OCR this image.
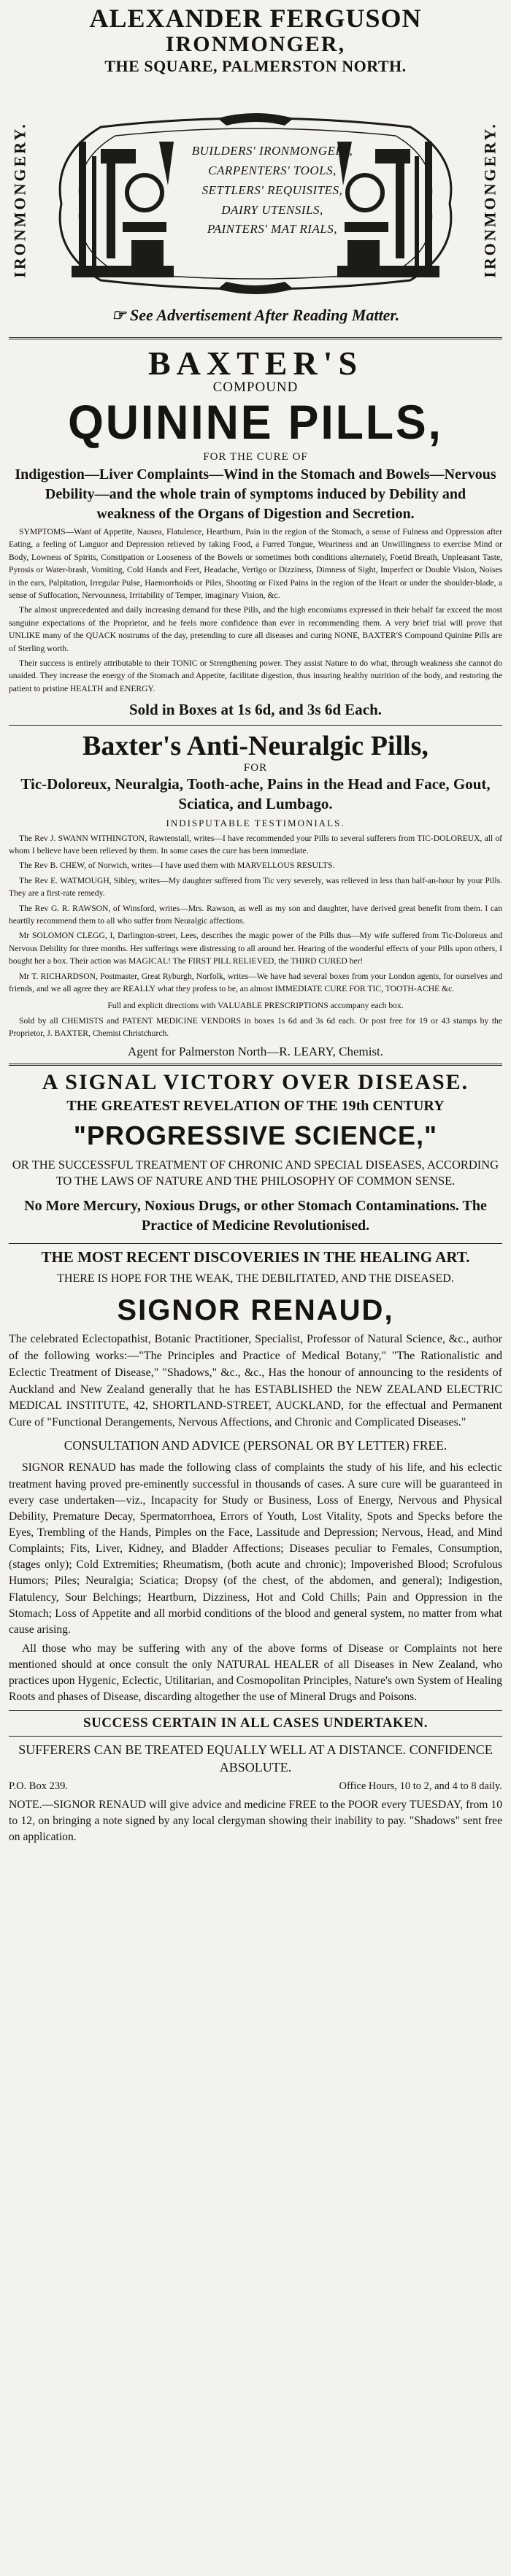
ALEXANDER FERGUSON
IRONMONGER,
THE SQUARE, PALMERSTON NORTH.
IRONMONGERY.	IRONMONGERY.
BUILDERS' IRONMONGERY,
CARPENTERS' TOOLS,
SETTLERS' REQUISITES,
DAIRY UTENSILS,
PAINTERS' MAT RIALS,
☞ See Advertisement After Reading Matter.
BAXTER'S
COMPOUND
QUININE PILLS,
FOR THE CURE OF
Indigestion—Liver Complaints—Wind in the Stomach and Bowels—Nervous Debility—and the whole train of symptoms induced by Debility and weakness of the Organs of Digestion and Secretion.

SYMPTOMS—Want of Appetite, Nausea, Flatulence, Heartburn, Pain in the region of the Stomach, a sense of Fulness and Oppression after Eating, a feeling of Languor and Depression relieved by taking Food, a Furred Tongue, Weariness and an Unwillingness to exercise Mind or Body, Lowness of Spirits, Constipation or Looseness of the Bowels or sometimes both conditions alternately, Foetid Breath, Unpleasant Taste, Pyrosis or Water-brash, Vomiting, Cold Hands and Feet, Headache, Vertigo or Dizziness, Dimness of Sight, Imperfect or Double Vision, Noises in the ears, Palpitation, Irregular Pulse, Haemorrhoids or Piles, Shooting or Fixed Pains in the region of the Heart or under the shoulder-blade, a sense of Suffocation, Nervousness, Irritability of Temper, imaginary Vision, &c.

The almost unprecedented and daily increasing demand for these Pills, and the high encomiums expressed in their behalf far exceed the most sanguine expectations of the Proprietor, and he feels more confidence than ever in recommending them. A very brief trial will prove that UNLIKE many of the QUACK nostrums of the day, pretending to cure all diseases and curing NONE, BAXTER'S Compound Quinine Pills are of Sterling worth.

Their success is entirely attributable to their TONIC or Strengthening power. They assist Nature to do what, through weakness she cannot do unaided. They increase the energy of the Stomach and Appetite, facilitate digestion, thus insuring healthy nutrition of the body, and restoring the patient to pristine HEALTH and ENERGY.

Sold in Boxes at 1s 6d, and 3s 6d Each.
Baxter's Anti-Neuralgic Pills,
FOR
Tic-Doloreux, Neuralgia, Tooth-ache, Pains in the Head and Face, Gout, Sciatica, and Lumbago.
INDISPUTABLE TESTIMONIALS.

The Rev J. SWANN WITHINGTON, Rawtenstall, writes—I have recommended your Pills to several sufferers from TIC-DOLOREUX, all of whom I believe have been relieved by them. In some cases the cure has been immediate.

The Rev B. CHEW, of Norwich, writes—I have used them with MARVELLOUS RESULTS.

The Rev E. WATMOUGH, Sibley, writes—My daughter suffered from Tic very severely, was relieved in less than half-an-hour by your Pills. They are a first-rate remedy.

The Rev G. R. RAWSON, of Winsford, writes—Mrs. Rawson, as well as my son and daughter, have derived great benefit from them. I can heartily recommend them to all who suffer from Neuralgic affections.

Mr SOLOMON CLEGG, I, Darlington-street, Lees, describes the magic power of the Pills thus—My wife suffered from Tic-Doloreux and Nervous Debility for three months. Her sufferings were distressing to all around her. Hearing of the wonderful effects of your Pills upon others, I bought her a box. Their action was MAGICAL! The FIRST PILL RELIEVED, the THIRD CURED her!

Mr T. RICHARDSON, Postmaster, Great Ryburgh, Norfolk, writes—We have had several boxes from your London agents, for ourselves and friends, and we all agree they are REALLY what they profess to be, an almost IMMEDIATE CURE FOR TIC, TOOTH-ACHE &c.

Full and explicit directions with VALUABLE PRESCRIPTIONS accompany each box.

Sold by all CHEMISTS and PATENT MEDICINE VENDORS in boxes 1s 6d and 3s 6d each. Or post free for 19 or 43 stamps by the Proprietor, J. BAXTER, Chemist Christchurch.

Agent for Palmerston North—R. LEARY, Chemist.
A SIGNAL VICTORY OVER DISEASE.
THE GREATEST REVELATION OF THE 19th CENTURY
"PROGRESSIVE SCIENCE,"
OR THE SUCCESSFUL TREATMENT OF CHRONIC AND SPECIAL DISEASES, ACCORDING TO THE LAWS OF NATURE AND THE PHILOSOPHY OF COMMON SENSE.
No More Mercury, Noxious Drugs, or other Stomach Contaminations. The Practice of Medicine Revolutionised.
THE MOST RECENT DISCOVERIES IN THE HEALING ART.
THERE IS HOPE FOR THE WEAK, THE DEBILITATED, AND THE DISEASED.
SIGNOR RENAUD,
The celebrated Eclectopathist, Botanic Practitioner, Specialist, Professor of Natural Science, &c., author of the following works:—"The Principles and Practice of Medical Botany," "The Rationalistic and Eclectic Treatment of Disease," "Shadows," &c., &c., Has the honour of announcing to the residents of Auckland and New Zealand generally that he has ESTABLISHED the NEW ZEALAND ELECTRIC MEDICAL INSTITUTE, 42, SHORTLAND-STREET, AUCKLAND, for the effectual and Permanent Cure of "Functional Derangements, Nervous Affections, and Chronic and Complicated Diseases."
CONSULTATION AND ADVICE (PERSONAL OR BY LETTER) FREE.

SIGNOR RENAUD has made the following class of complaints the study of his life, and his eclectic treatment having proved pre-eminently successful in thousands of cases. A sure cure will be guaranteed in every case undertaken—viz., Incapacity for Study or Business, Loss of Energy, Nervous and Physical Debility, Premature Decay, Spermatorrhoea, Errors of Youth, Lost Vitality, Spots and Specks before the Eyes, Trembling of the Hands, Pimples on the Face, Lassitude and Depression; Nervous, Head, and Mind Complaints; Fits, Liver, Kidney, and Bladder Affections; Diseases peculiar to Females, Consumption, (stages only); Cold Extremities; Rheumatism, (both acute and chronic); Impoverished Blood; Scrofulous Humors; Piles; Neuralgia; Sciatica; Dropsy (of the chest, of the abdomen, and general); Indigestion, Flatulency, Sour Belchings; Heartburn, Dizziness, Hot and Cold Chills; Pain and Oppression in the Stomach; Loss of Appetite and all morbid conditions of the blood and general system, no matter from what cause arising.

All those who may be suffering with any of the above forms of Disease or Complaints not here mentioned should at once consult the only NATURAL HEALER of all Diseases in New Zealand, who practices upon Hygenic, Eclectic, Utilitarian, and Cosmopolitan Principles, Nature's own System of Healing Roots and phases of Disease, discarding altogether the use of Mineral Drugs and Poisons.

SUCCESS CERTAIN IN ALL CASES UNDERTAKEN.
SUFFERERS CAN BE TREATED EQUALLY WELL AT A DISTANCE. CONFIDENCE ABSOLUTE.
P.O. Box 239.	Office Hours, 10 to 2, and 4 to 8 daily.
NOTE.—SIGNOR RENAUD will give advice and medicine FREE to the POOR every TUESDAY, from 10 to 12, on bringing a note signed by any local clergyman showing their inability to pay. "Shadows" sent free on application.
